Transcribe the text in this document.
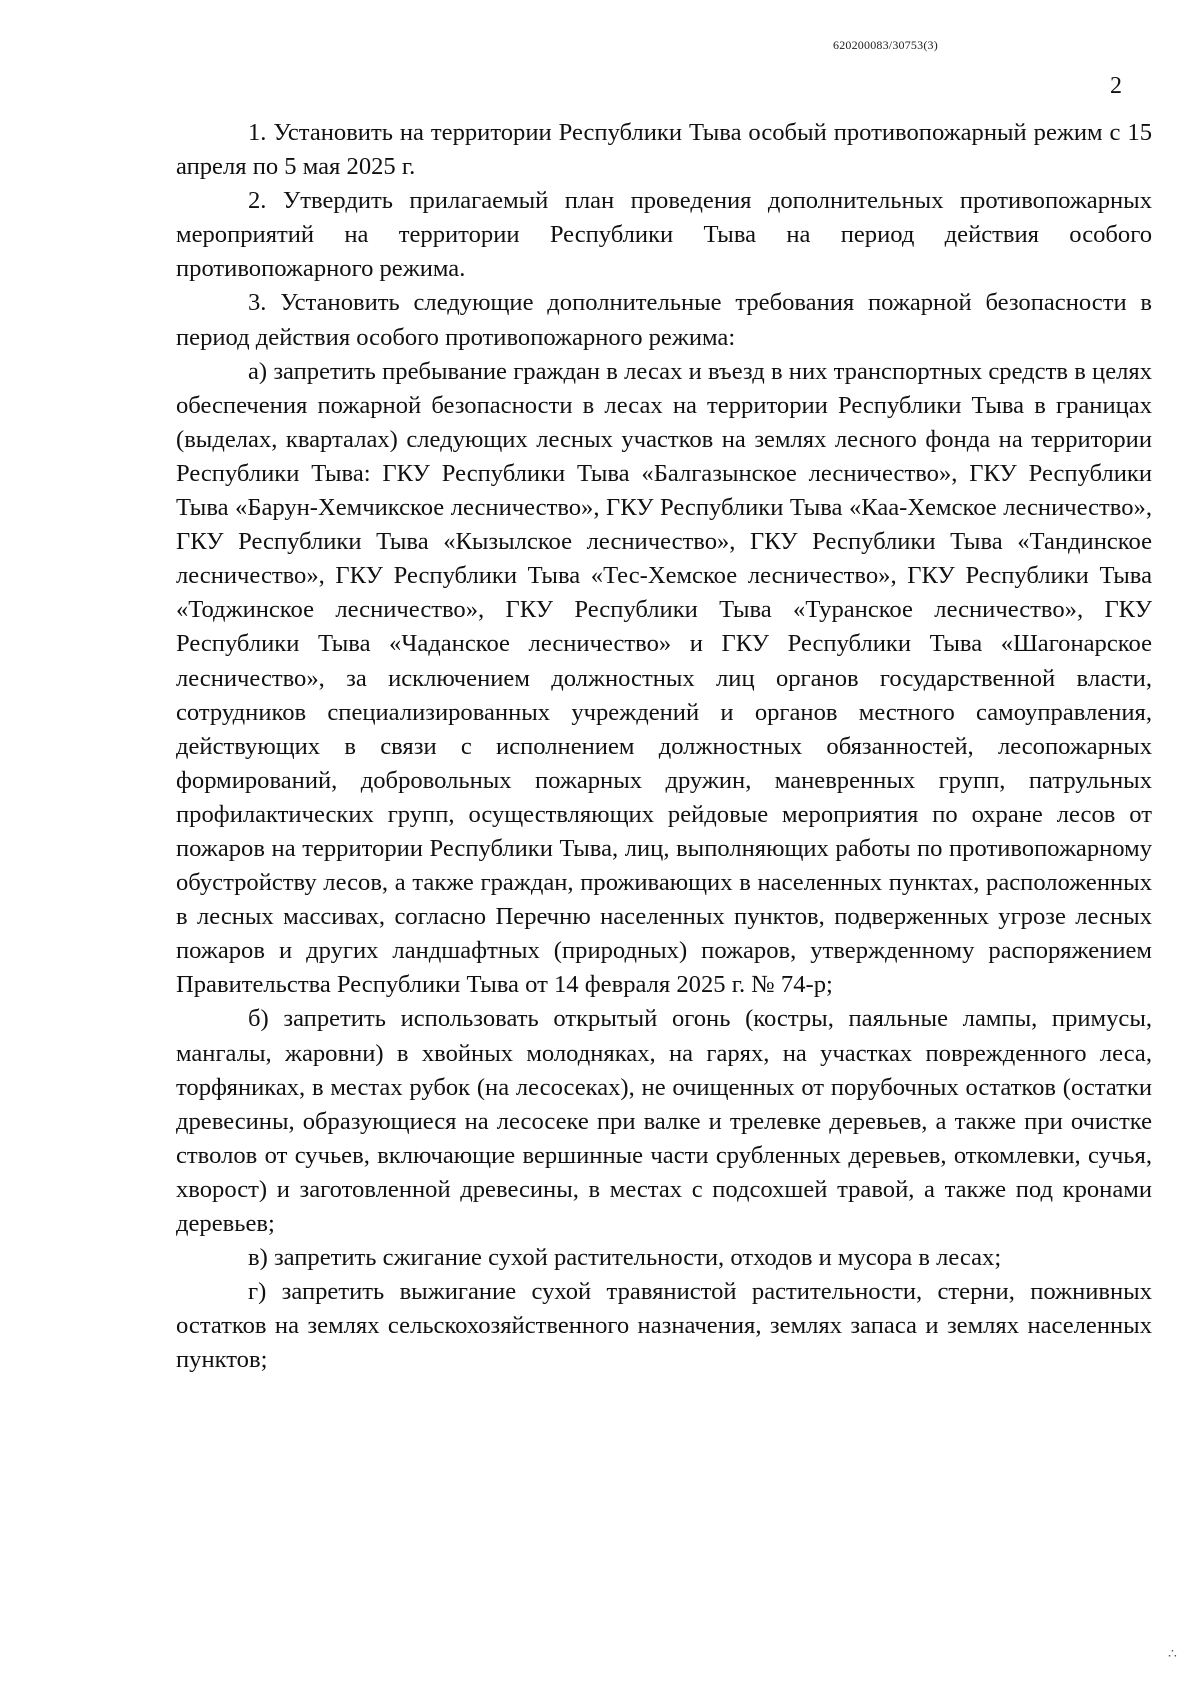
620200083/30753(3)
2

1. Установить на территории Республики Тыва особый противопожарный режим с 15 апреля по 5 мая 2025 г.

2. Утвердить прилагаемый план проведения дополнительных противопожарных мероприятий на территории Республики Тыва на период действия особого противопожарного режима.

3. Установить следующие дополнительные требования пожарной безопасности в период действия особого противопожарного режима:

а) запретить пребывание граждан в лесах и въезд в них транспортных средств в целях обеспечения пожарной безопасности в лесах на территории Республики Тыва в границах (выделах, кварталах) следующих лесных участков на землях лесного фонда на территории Республики Тыва: ГКУ Республики Тыва «Балгазынское лесничество», ГКУ Республики Тыва «Барун-Хемчикское лесничество», ГКУ Республики Тыва «Каа-Хемское лесничество», ГКУ Республики Тыва «Кызылское лесничество», ГКУ Республики Тыва «Тандинское лесничество», ГКУ Республики Тыва «Тес-Хемское лесничество», ГКУ Республики Тыва «Тоджинское лесничество», ГКУ Республики Тыва «Туранское лесничество», ГКУ Республики Тыва «Чаданское лесничество» и ГКУ Республики Тыва «Шагонарское лесничество», за исключением должностных лиц органов государственной власти, сотрудников специализированных учреждений и органов местного самоуправления, действующих в связи с исполнением должностных обязанностей, лесопожарных формирований, добровольных пожарных дружин, маневренных групп, патрульных профилактических групп, осуществляющих рейдовые мероприятия по охране лесов от пожаров на территории Республики Тыва, лиц, выполняющих работы по противопожарному обустройству лесов, а также граждан, проживающих в населенных пунктах, расположенных в лесных массивах, согласно Перечню населенных пунктов, подверженных угрозе лесных пожаров и других ландшафтных (природных) пожаров, утвержденному распоряжением Правительства Республики Тыва от 14 февраля 2025 г. № 74-р;

б) запретить использовать открытый огонь (костры, паяльные лампы, примусы, мангалы, жаровни) в хвойных молодняках, на гарях, на участках поврежденного леса, торфяниках, в местах рубок (на лесосеках), не очищенных от порубочных остатков (остатки древесины, образующиеся на лесосеке при валке и трелевке деревьев, а также при очистке стволов от сучьев, включающие вершинные части срубленных деревьев, откомлевки, сучья, хворост) и заготовленной древесины, в местах с подсохшей травой, а также под кронами деревьев;

в) запретить сжигание сухой растительности, отходов и мусора в лесах;

г) запретить выжигание сухой травянистой растительности, стерни, пожнивных остатков на землях сельскохозяйственного назначения, землях запаса и землях населенных пунктов;

∴
